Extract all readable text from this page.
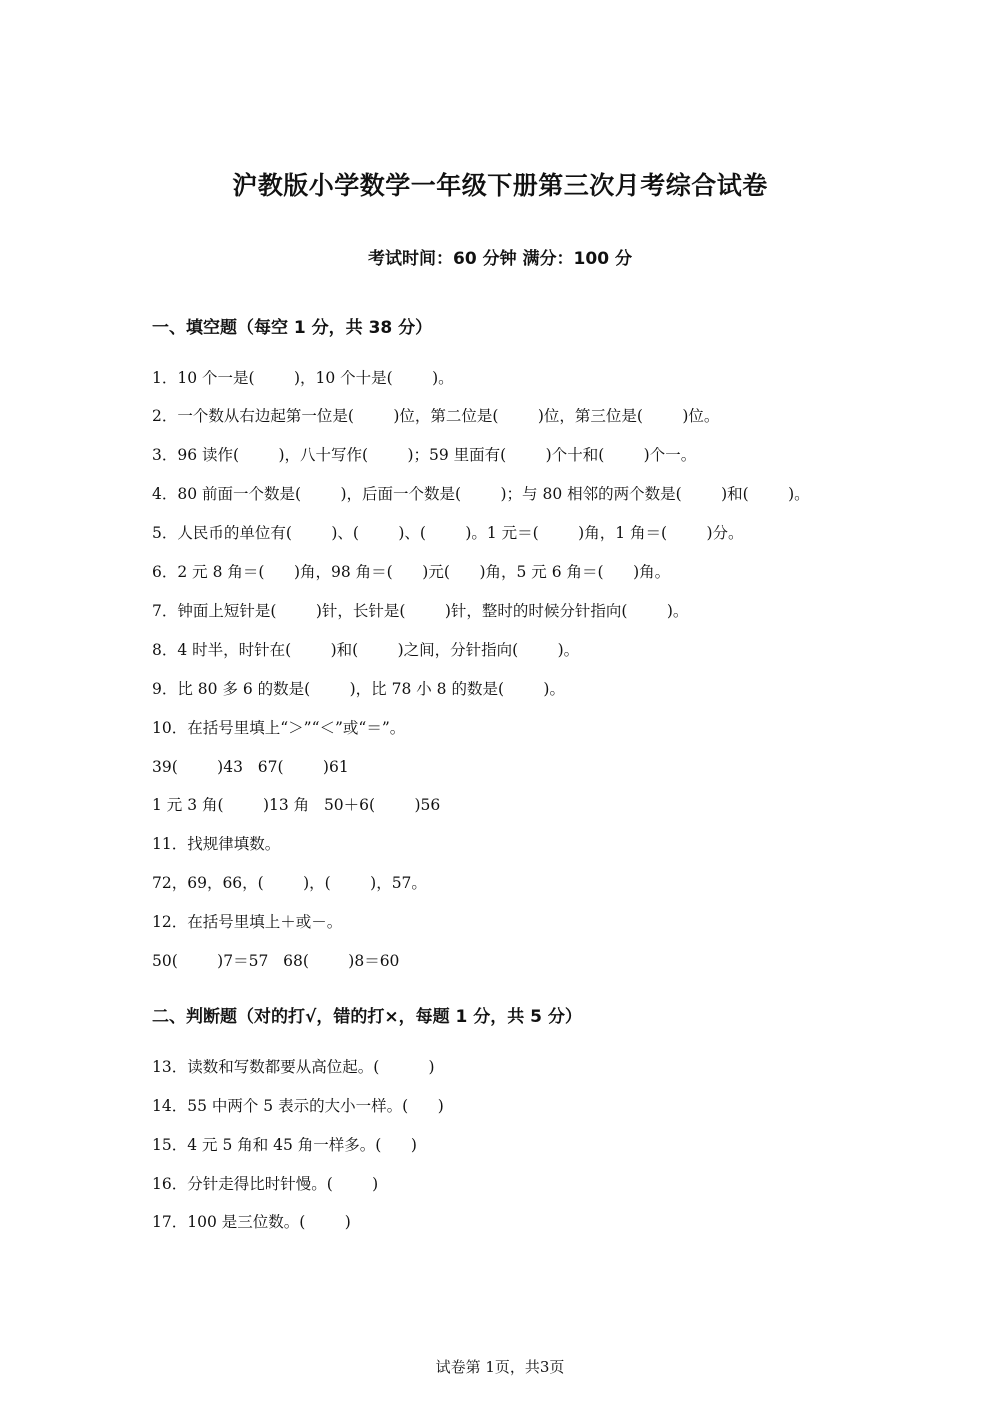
沪教版小学数学一年级下册第三次月考综合试卷
考试时间：60 分钟 满分：100 分
一、填空题（每空 1 分，共 38 分）
1．10 个一是(        )，10 个十是(        )。
2．一个数从右边起第一位是(        )位，第二位是(        )位，第三位是(        )位。
3．96 读作(        )，八十写作(        )；59 里面有(        )个十和(        )个一。
4．80 前面一个数是(        )，后面一个数是(        )；与 80 相邻的两个数是(        )和(        )。
5．人民币的单位有(        )、(        )、(        )。1 元＝(        )角，1 角＝(        )分。
6．2 元 8 角＝(      )角，98 角＝(      )元(      )角，5 元 6 角＝(      )角。
7．钟面上短针是(        )针，长针是(        )针，整时的时候分针指向(        )。
8．4 时半，时针在(        )和(        )之间，分针指向(        )。
9．比 80 多 6 的数是(        )，比 78 小 8 的数是(        )。
10．在括号里填上“＞”“＜”或“＝”。
39(        )43   67(        )61
1 元 3 角(        )13 角   50＋6(        )56
11．找规律填数。
72，69，66，(        )，(        )，57。
12．在括号里填上＋或－。
50(        )7＝57   68(        )8＝60
二、判断题（对的打√，错的打×，每题 1 分，共 5 分）
13．读数和写数都要从高位起。(          )
14．55 中两个 5 表示的大小一样。(      )
15．4 元 5 角和 45 角一样多。(      )
16．分针走得比时针慢。(        )
17．100 是三位数。(        )
试卷第 1页，共3页
